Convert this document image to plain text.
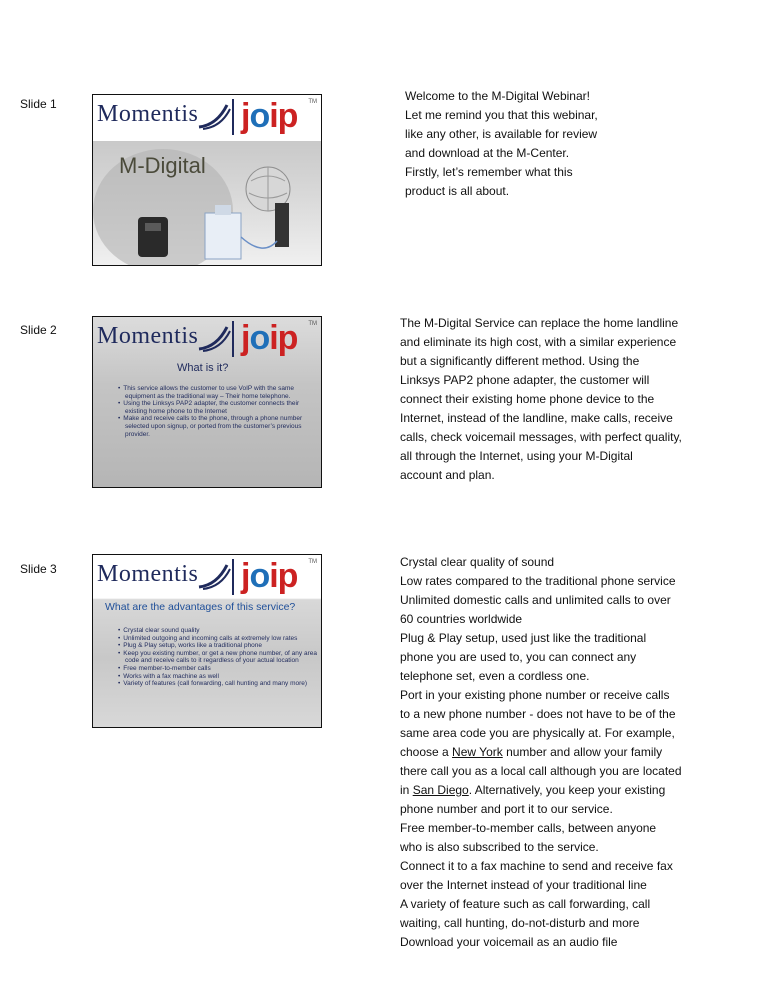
Slide 1 Momentis joip TM
M-Digital

Welcome to the M-Digital Webinar!

Let me remind you that this webinar,

like any other, is available for review

and download at the M-Center.

Firstly, let’s remember what this

product is all about.

Slide 2 Momentis joip TM
What is it?
• This service allows the customer to use VoIP with the same equipment as the traditional way – Their home telephone.
• Using the Linksys PAP2 adapter, the customer connects their existing home phone to the Internet
• Make and receive calls to the phone, through a phone number selected upon signup, or ported from the customer’s previous provider.

The M-Digital Service can replace the home landline

and eliminate its high cost, with a similar experience

but a significantly different method. Using the

Linksys PAP2 phone adapter, the customer will

connect their existing home phone device to the

Internet, instead of the landline, make calls, receive

calls, check voicemail messages, with perfect quality,

all through the Internet, using your M-Digital

account and plan.

Slide 3 Momentis joip TM
What are the advantages of this service?
• Crystal clear sound quality
• Unlimited outgoing and incoming calls at extremely low rates
• Plug & Play setup, works like a traditional phone
• Keep you existing number, or get a new phone number, of any area code and receive calls to it regardless of your actual location
• Free member-to-member calls
• Works with a fax machine as well
• Variety of features (call forwarding, call hunting and many more)

Crystal clear quality of sound

Low rates compared to the traditional phone service

Unlimited domestic calls and unlimited calls to over

60 countries worldwide

Plug & Play setup, used just like the traditional

phone you are used to, you can connect any

telephone set, even a cordless one.

Port in your existing phone number or receive calls

to a new phone number - does not have to be of the

same area code you are physically at. For example,

choose a New York number and allow your family

there call you as a local call although you are located

in San Diego. Alternatively, you keep your existing

phone number and port it to our service.

Free member-to-member calls, between anyone

who is also subscribed to the service.

Connect it to a fax machine to send and receive fax

over the Internet instead of your traditional line

A variety of feature such as call forwarding, call

waiting, call hunting, do-not-disturb and more

Download your voicemail as an audio file
